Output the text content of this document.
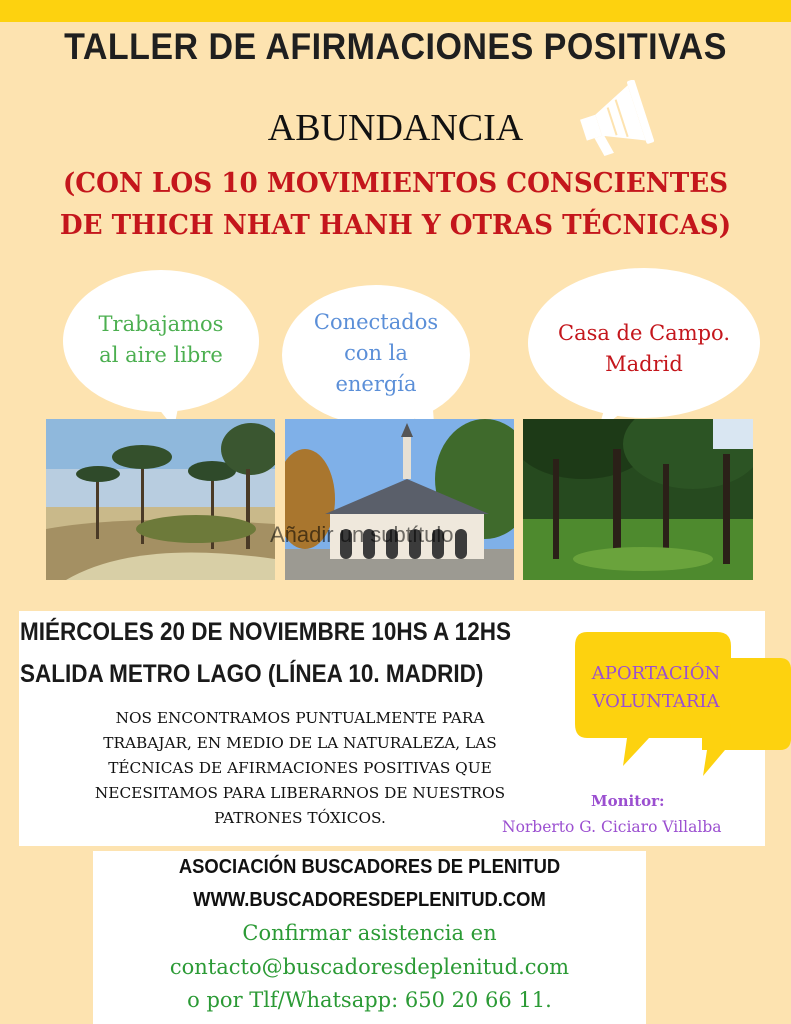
TALLER DE AFIRMACIONES POSITIVAS
ABUNDANCIA
(CON LOS 10 MOVIMIENTOS CONSCIENTES
DE THICH NHAT HANH Y OTRAS TÉCNICAS)
Trabajamos
al aire libre
Conectados
con la
energía
Casa de Campo.
Madrid
Añadir un subtítulo
MIÉRCOLES 20 DE NOVIEMBRE 10HS A 12HS
SALIDA METRO LAGO (LÍNEA 10. MADRID)
NOS ENCONTRAMOS PUNTUALMENTE PARA TRABAJAR, EN MEDIO DE LA NATURALEZA, LAS TÉCNICAS DE AFIRMACIONES POSITIVAS QUE NECESITAMOS PARA LIBERARNOS DE NUESTROS PATRONES TÓXICOS.
APORTACIÓN
VOLUNTARIA
Monitor:
Norberto G. Ciciaro Villalba
ASOCIACIÓN BUSCADORES DE PLENITUD
WWW.BUSCADORESDEPLENITUD.COM
Confirmar asistencia en
contacto@buscadoresdeplenitud.com
o por Tlf/Whatsapp: 650 20 66 11.
